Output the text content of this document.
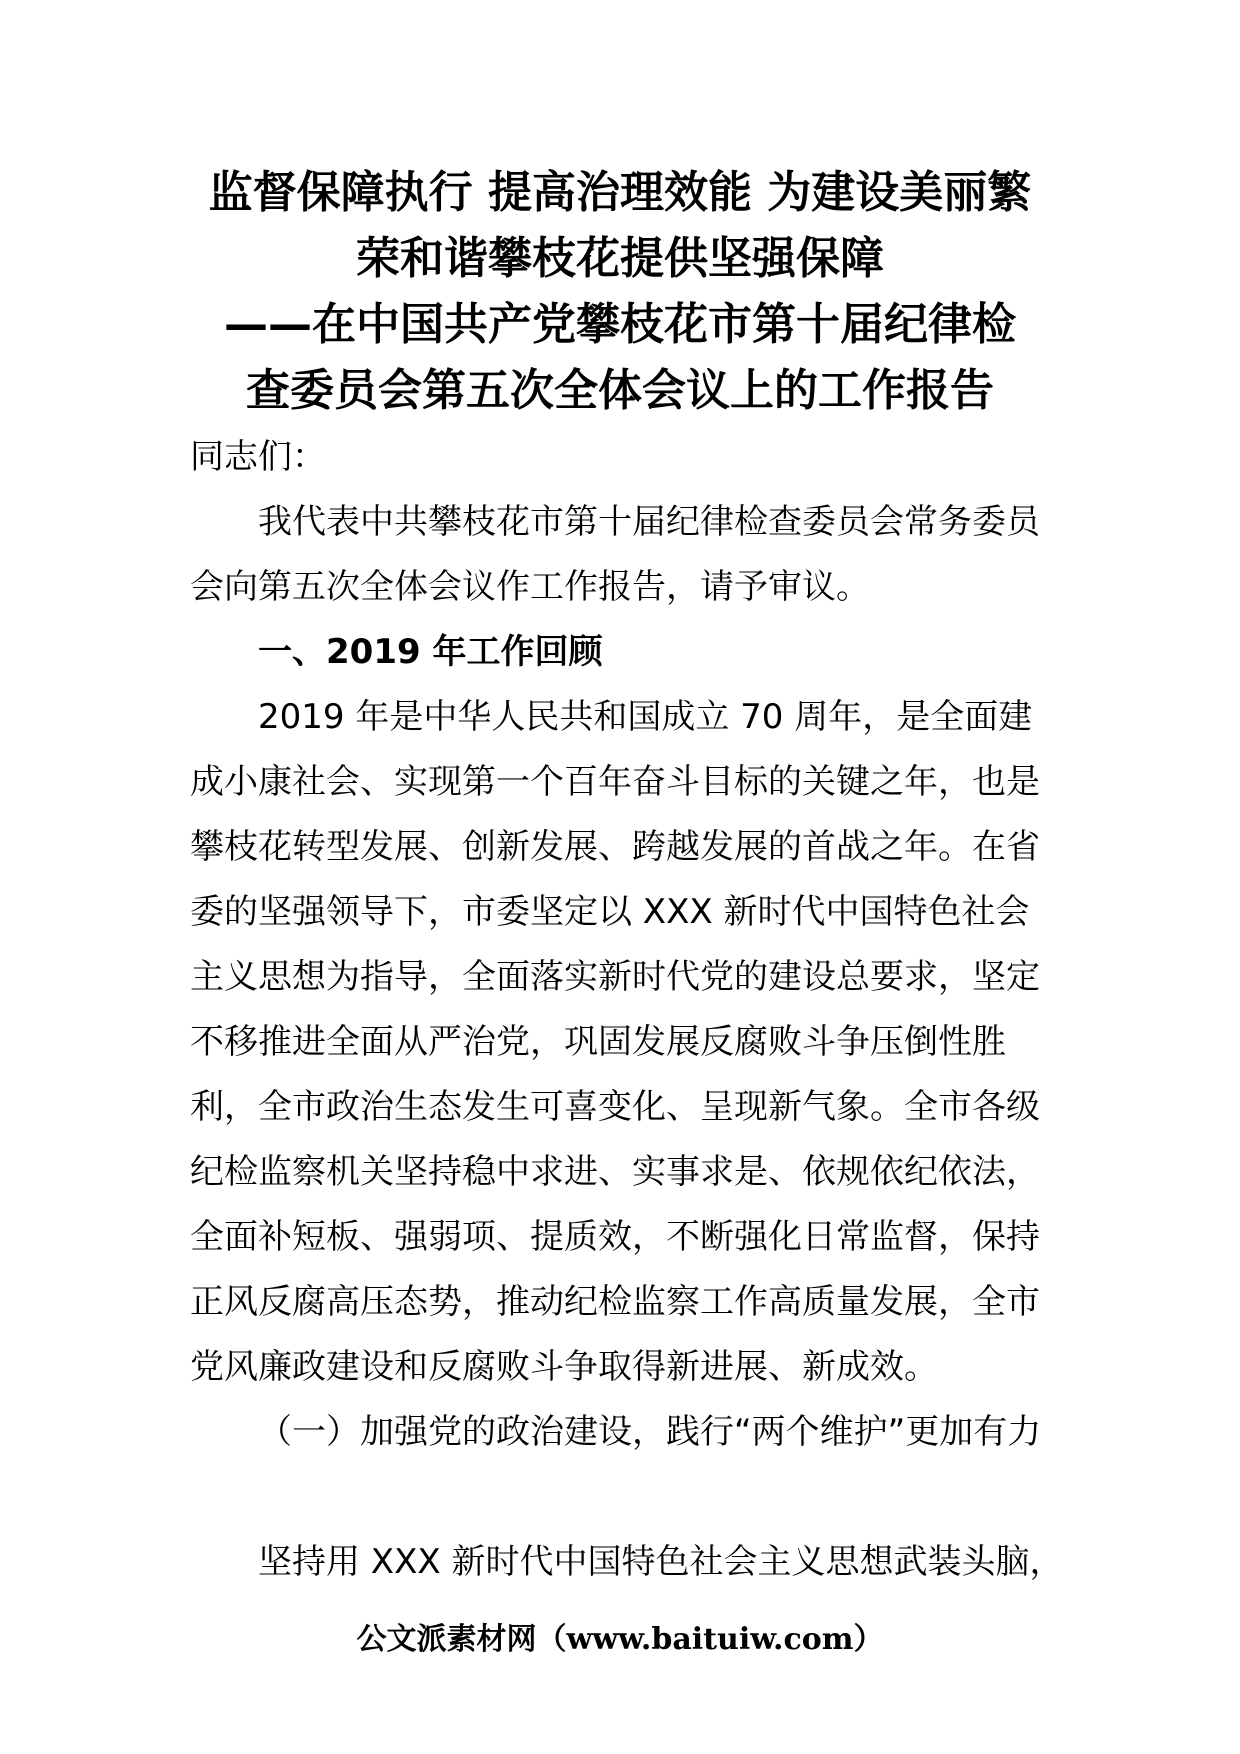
监督保障执行 提高治理效能 为建设美丽繁
荣和谐攀枝花提供坚强保障
——在中国共产党攀枝花市第十届纪律检
查委员会第五次全体会议上的工作报告

同志们：

我代表中共攀枝花市第十届纪律检查委员会常务委员会向第五次全体会议作工作报告，请予审议。

一、2019 年工作回顾

2019 年是中华人民共和国成立 70 周年，是全面建成小康社会、实现第一个百年奋斗目标的关键之年，也是攀枝花转型发展、创新发展、跨越发展的首战之年。在省委的坚强领导下，市委坚定以 XXX 新时代中国特色社会主义思想为指导，全面落实新时代党的建设总要求，坚定不移推进全面从严治党，巩固发展反腐败斗争压倒性胜利，全市政治生态发生可喜变化、呈现新气象。全市各级纪检监察机关坚持稳中求进、实事求是、依规依纪依法，全面补短板、强弱项、提质效，不断强化日常监督，保持正风反腐高压态势，推动纪检监察工作高质量发展，全市党风廉政建设和反腐败斗争取得新进展、新成效。

（一）加强党的政治建设，践行“两个维护”更加有力

坚持用 XXX 新时代中国特色社会主义思想武装头脑，

公文派素材网（www.baituiw.com）
